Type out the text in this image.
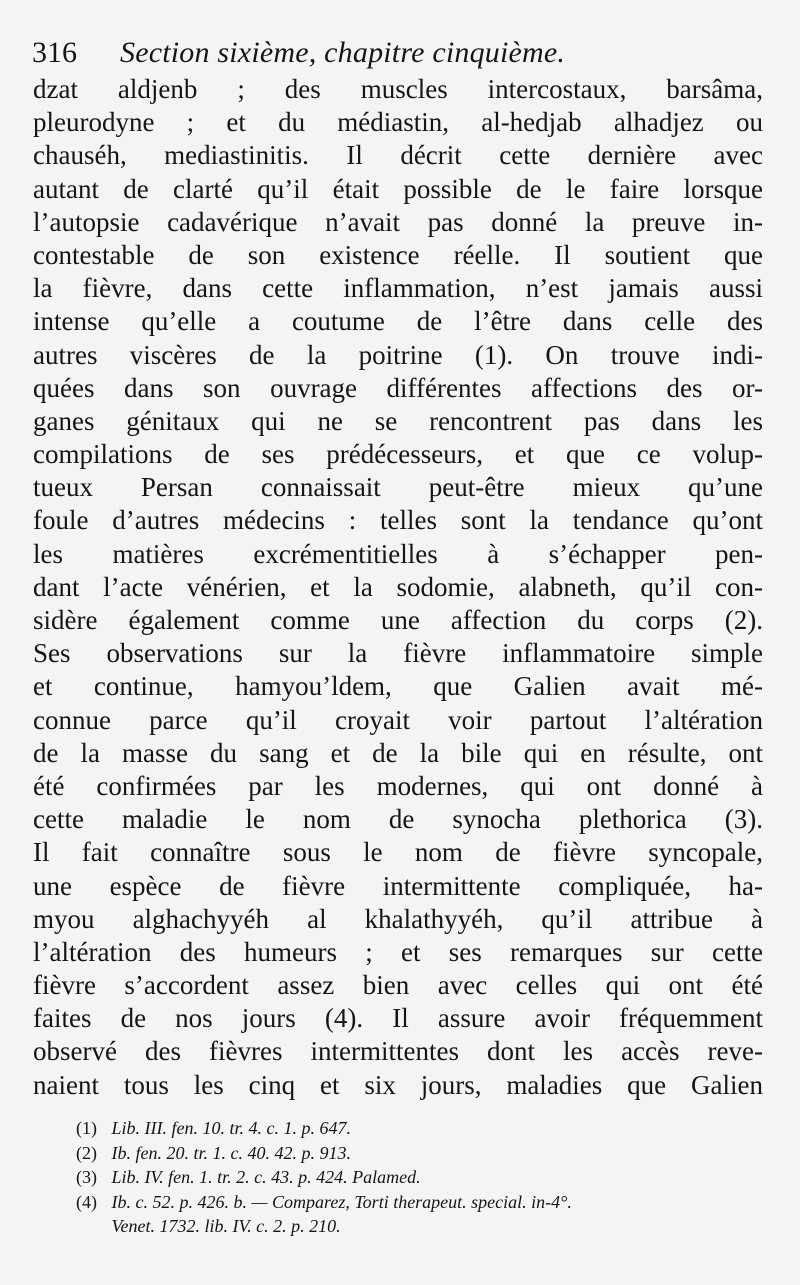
316 Section sixième, chapitre cinquième.
dzat aldjenb ; des muscles intercostaux, barsâma,
pleurodyne ; et du médiastin, al-hedjab alhadjez ou
chauséh, mediastinitis. Il décrit cette dernière avec
autant de clarté qu’il était possible de le faire lorsque
l’autopsie cadavérique n’avait pas donné la preuve in-
contestable de son existence réelle. Il soutient que
la fièvre, dans cette inflammation, n’est jamais aussi
intense qu’elle a coutume de l’être dans celle des
autres viscères de la poitrine (1). On trouve indi-
quées dans son ouvrage différentes affections des or-
ganes génitaux qui ne se rencontrent pas dans les
compilations de ses prédécesseurs, et que ce volup-
tueux Persan connaissait peut-être mieux qu’une
foule d’autres médecins : telles sont la tendance qu’ont
les matières excrémentitielles à s’échapper pen-
dant l’acte vénérien, et la sodomie, alabneth, qu’il con-
sidère également comme une affection du corps (2).
Ses observations sur la fièvre inflammatoire simple
et continue, hamyou’ldem, que Galien avait mé-
connue parce qu’il croyait voir partout l’altération
de la masse du sang et de la bile qui en résulte, ont
été confirmées par les modernes, qui ont donné à
cette maladie le nom de synocha plethorica (3).
Il fait connaître sous le nom de fièvre syncopale,
une espèce de fièvre intermittente compliquée, ha-
myou alghachyyéh al khalathyyéh, qu’il attribue à
l’altération des humeurs ; et ses remarques sur cette
fièvre s’accordent assez bien avec celles qui ont été
faites de nos jours (4). Il assure avoir fréquemment
observé des fièvres intermittentes dont les accès reve-
naient tous les cinq et six jours, maladies que Galien
(1) Lib. III. fen. 10. tr. 4. c. 1. p. 647.
(2) Ib. fen. 20. tr. 1. c. 40. 42. p. 913.
(3) Lib. IV. fen. 1. tr. 2. c. 43. p. 424. Palamed.
(4) Ib. c. 52. p. 426. b. — Comparez, Torti therapeut. special. in-4°.
Venet. 1732. lib. IV. c. 2. p. 210.
